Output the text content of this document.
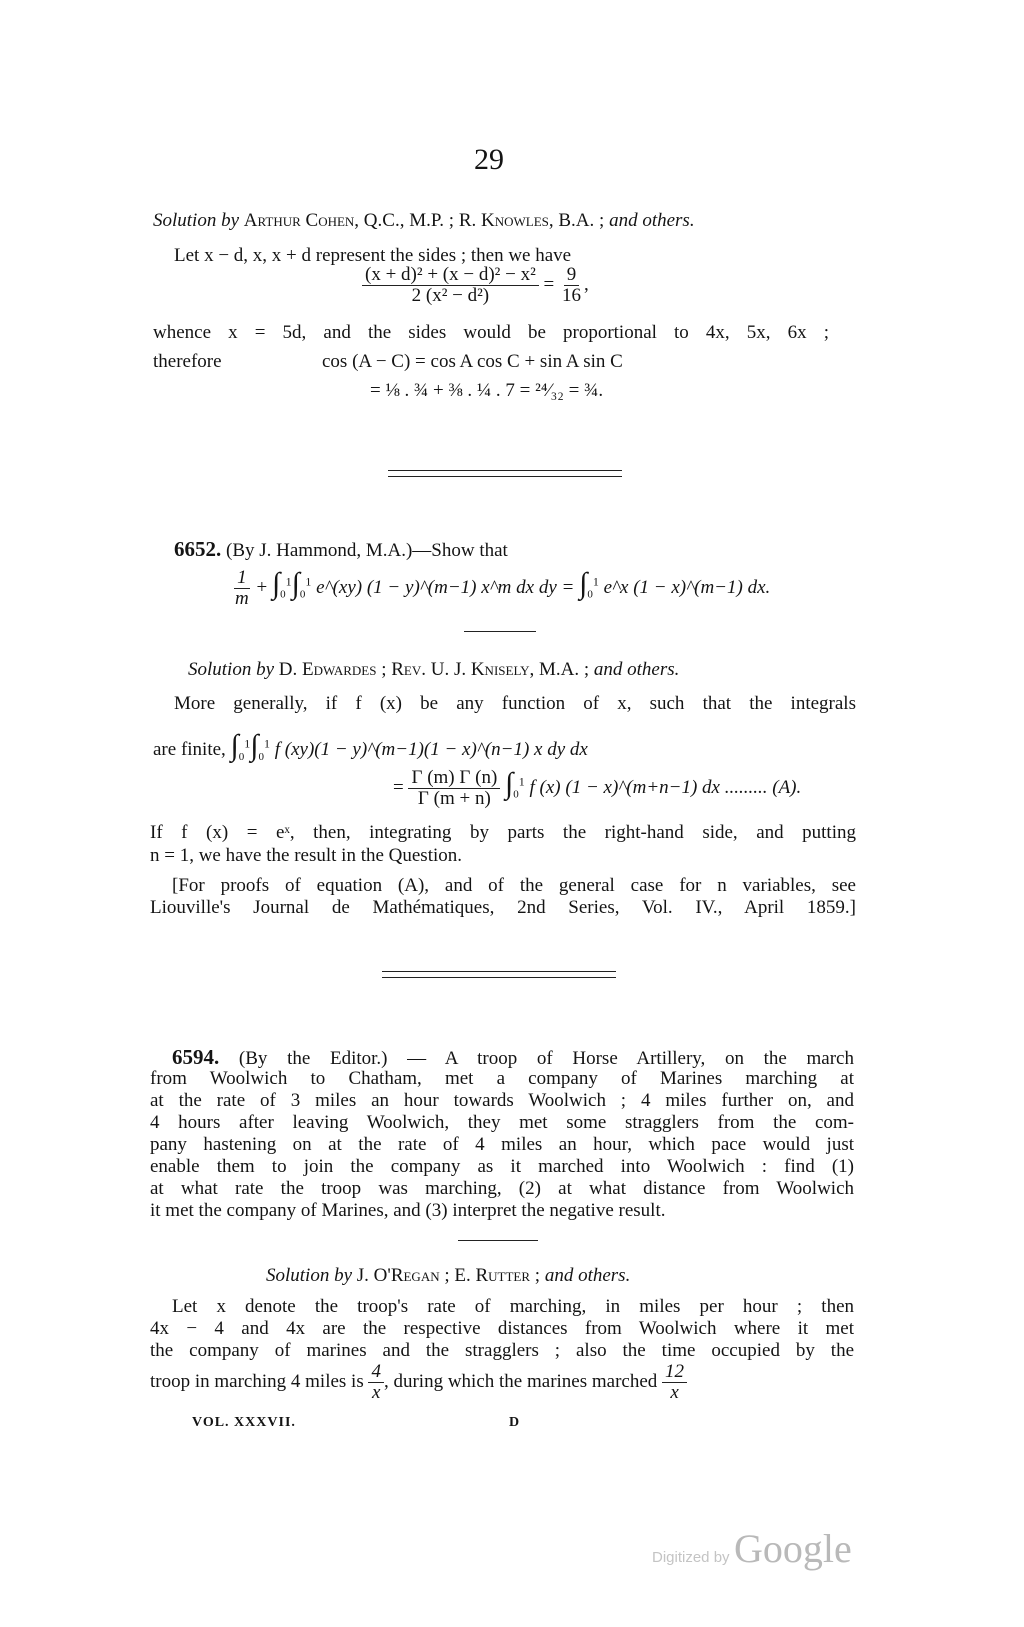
29
Solution by Arthur Cohen, Q.C., M.P. ; R. Knowles, B.A. ; and others.
Let x − d, x, x + d represent the sides ; then we have
$\frac{\text{(x + d)² + (x − d)² − x²}}{\text{2 (x² − d²)}} = \frac{9}{16}$ ,
whence x = 5d, and the sides would be proportional to 4x, 5x, 6x ;
therefore	cos (A − C) = cos A cos C + sin A sin C
= ⅛ . ¾ + ⅜ . ¼ . 7 = ²⁴⁄₃₂ = ¾.
6652. (By J. Hammond, M.A.)—Show that
$\frac{1}{m} + \int_0^1\int_0^1$ e^(xy) (1 − y)^(m−1) x^m dx dy = $\int_0^1$ e^x (1 − x)^(m−1) dx.
Solution by D. Edwardes ; Rev. U. J. Knisely, M.A. ; and others.
More generally, if f (x) be any function of x, such that the integrals
are finite, $\int_0^1\int_0^1$ f (xy)(1 − y)^(m−1)(1 − x)^(n−1) x dy dx
= $\frac{\Gamma (m) \Gamma (n)}{\Gamma (m + n)} \int_0^1$ f (x) (1 − x)^(m+n−1) dx ......... (A).
If f (x) = eˣ, then, integrating by parts the right-hand side, and putting
n = 1, we have the result in the Question.
[For proofs of equation (A), and of the general case for n variables, see
Liouville's Journal de Mathématiques, 2nd Series, Vol. IV., April 1859.]
6594. (By the Editor.) — A troop of Horse Artillery, on the march
from Woolwich to Chatham, met a company of Marines marching at
at the rate of 3 miles an hour towards Woolwich ; 4 miles further on, and
4 hours after leaving Woolwich, they met some stragglers from the com-
pany hastening on at the rate of 4 miles an hour, which pace would just
enable them to join the company as it marched into Woolwich : find (1)
at what rate the troop was marching, (2) at what distance from Woolwich
it met the company of Marines, and (3) interpret the negative result.
Solution by J. O'Regan ; E. Rutter ; and others.
Let x denote the troop's rate of marching, in miles per hour ; then
4x − 4 and 4x are the respective distances from Woolwich where it met
the company of marines and the stragglers ; also the time occupied by the
troop in marching 4 miles is $\frac{4}{x}$ , during which the marines marched $\frac{12}{x}$
VOL. XXXVII.	D
Digitized by Google
